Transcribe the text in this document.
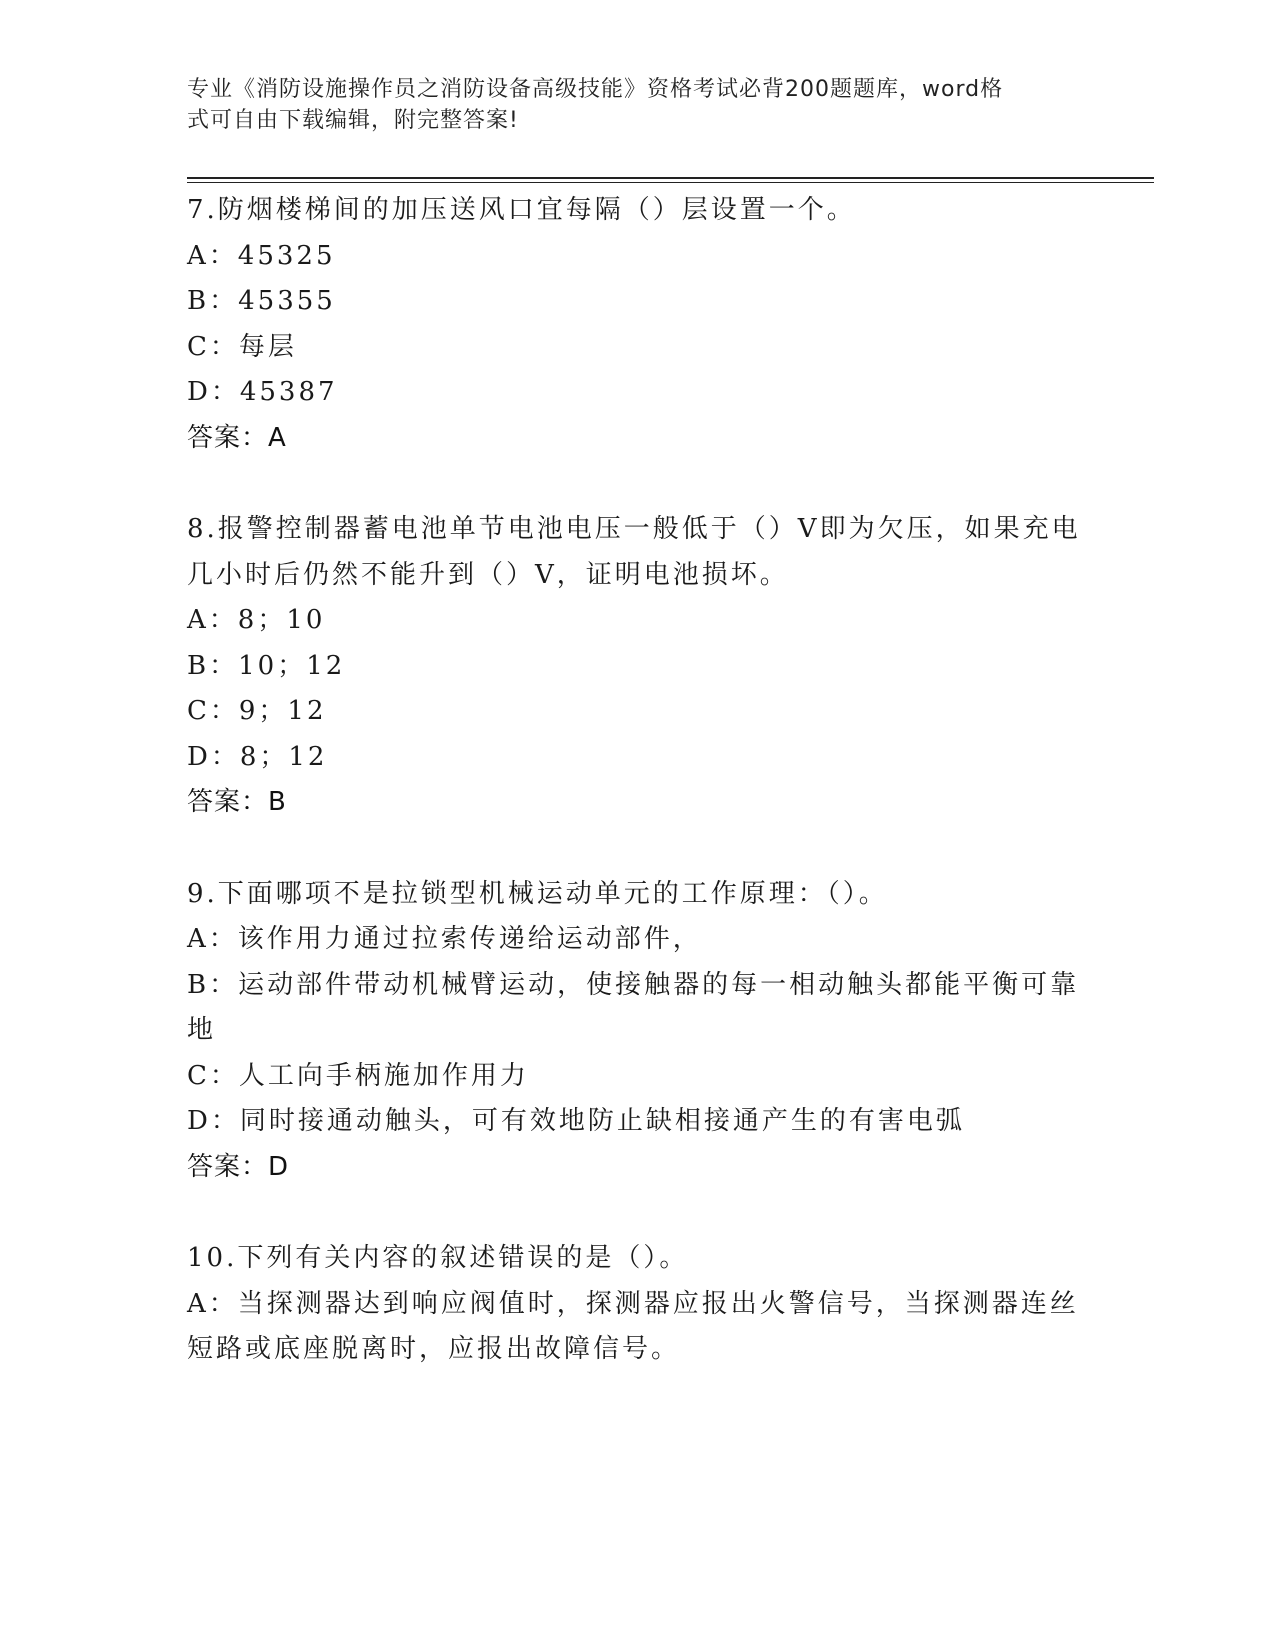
专业《消防设施操作员之消防设备高级技能》资格考试必背200题题库，word格
式可自由下载编辑，附完整答案!
7.防烟楼梯间的加压送风口宜每隔（）层设置一个。
A：45325
B：45355
C：每层
D：45387
答案：A
8.报警控制器蓄电池单节电池电压一般低于（）V即为欠压，如果充电
几小时后仍然不能升到（）V，证明电池损坏。
A：8；10
B：10；12
C：9；12
D：8；12
答案：B
9.下面哪项不是拉锁型机械运动单元的工作原理：（）。
A：该作用力通过拉索传递给运动部件，
B：运动部件带动机械臂运动，使接触器的每一相动触头都能平衡可靠
地
C：人工向手柄施加作用力
D：同时接通动触头，可有效地防止缺相接通产生的有害电弧
答案：D
10.下列有关内容的叙述错误的是（）。
A：当探测器达到响应阀值时，探测器应报出火警信号，当探测器连丝
短路或底座脱离时，应报出故障信号。
